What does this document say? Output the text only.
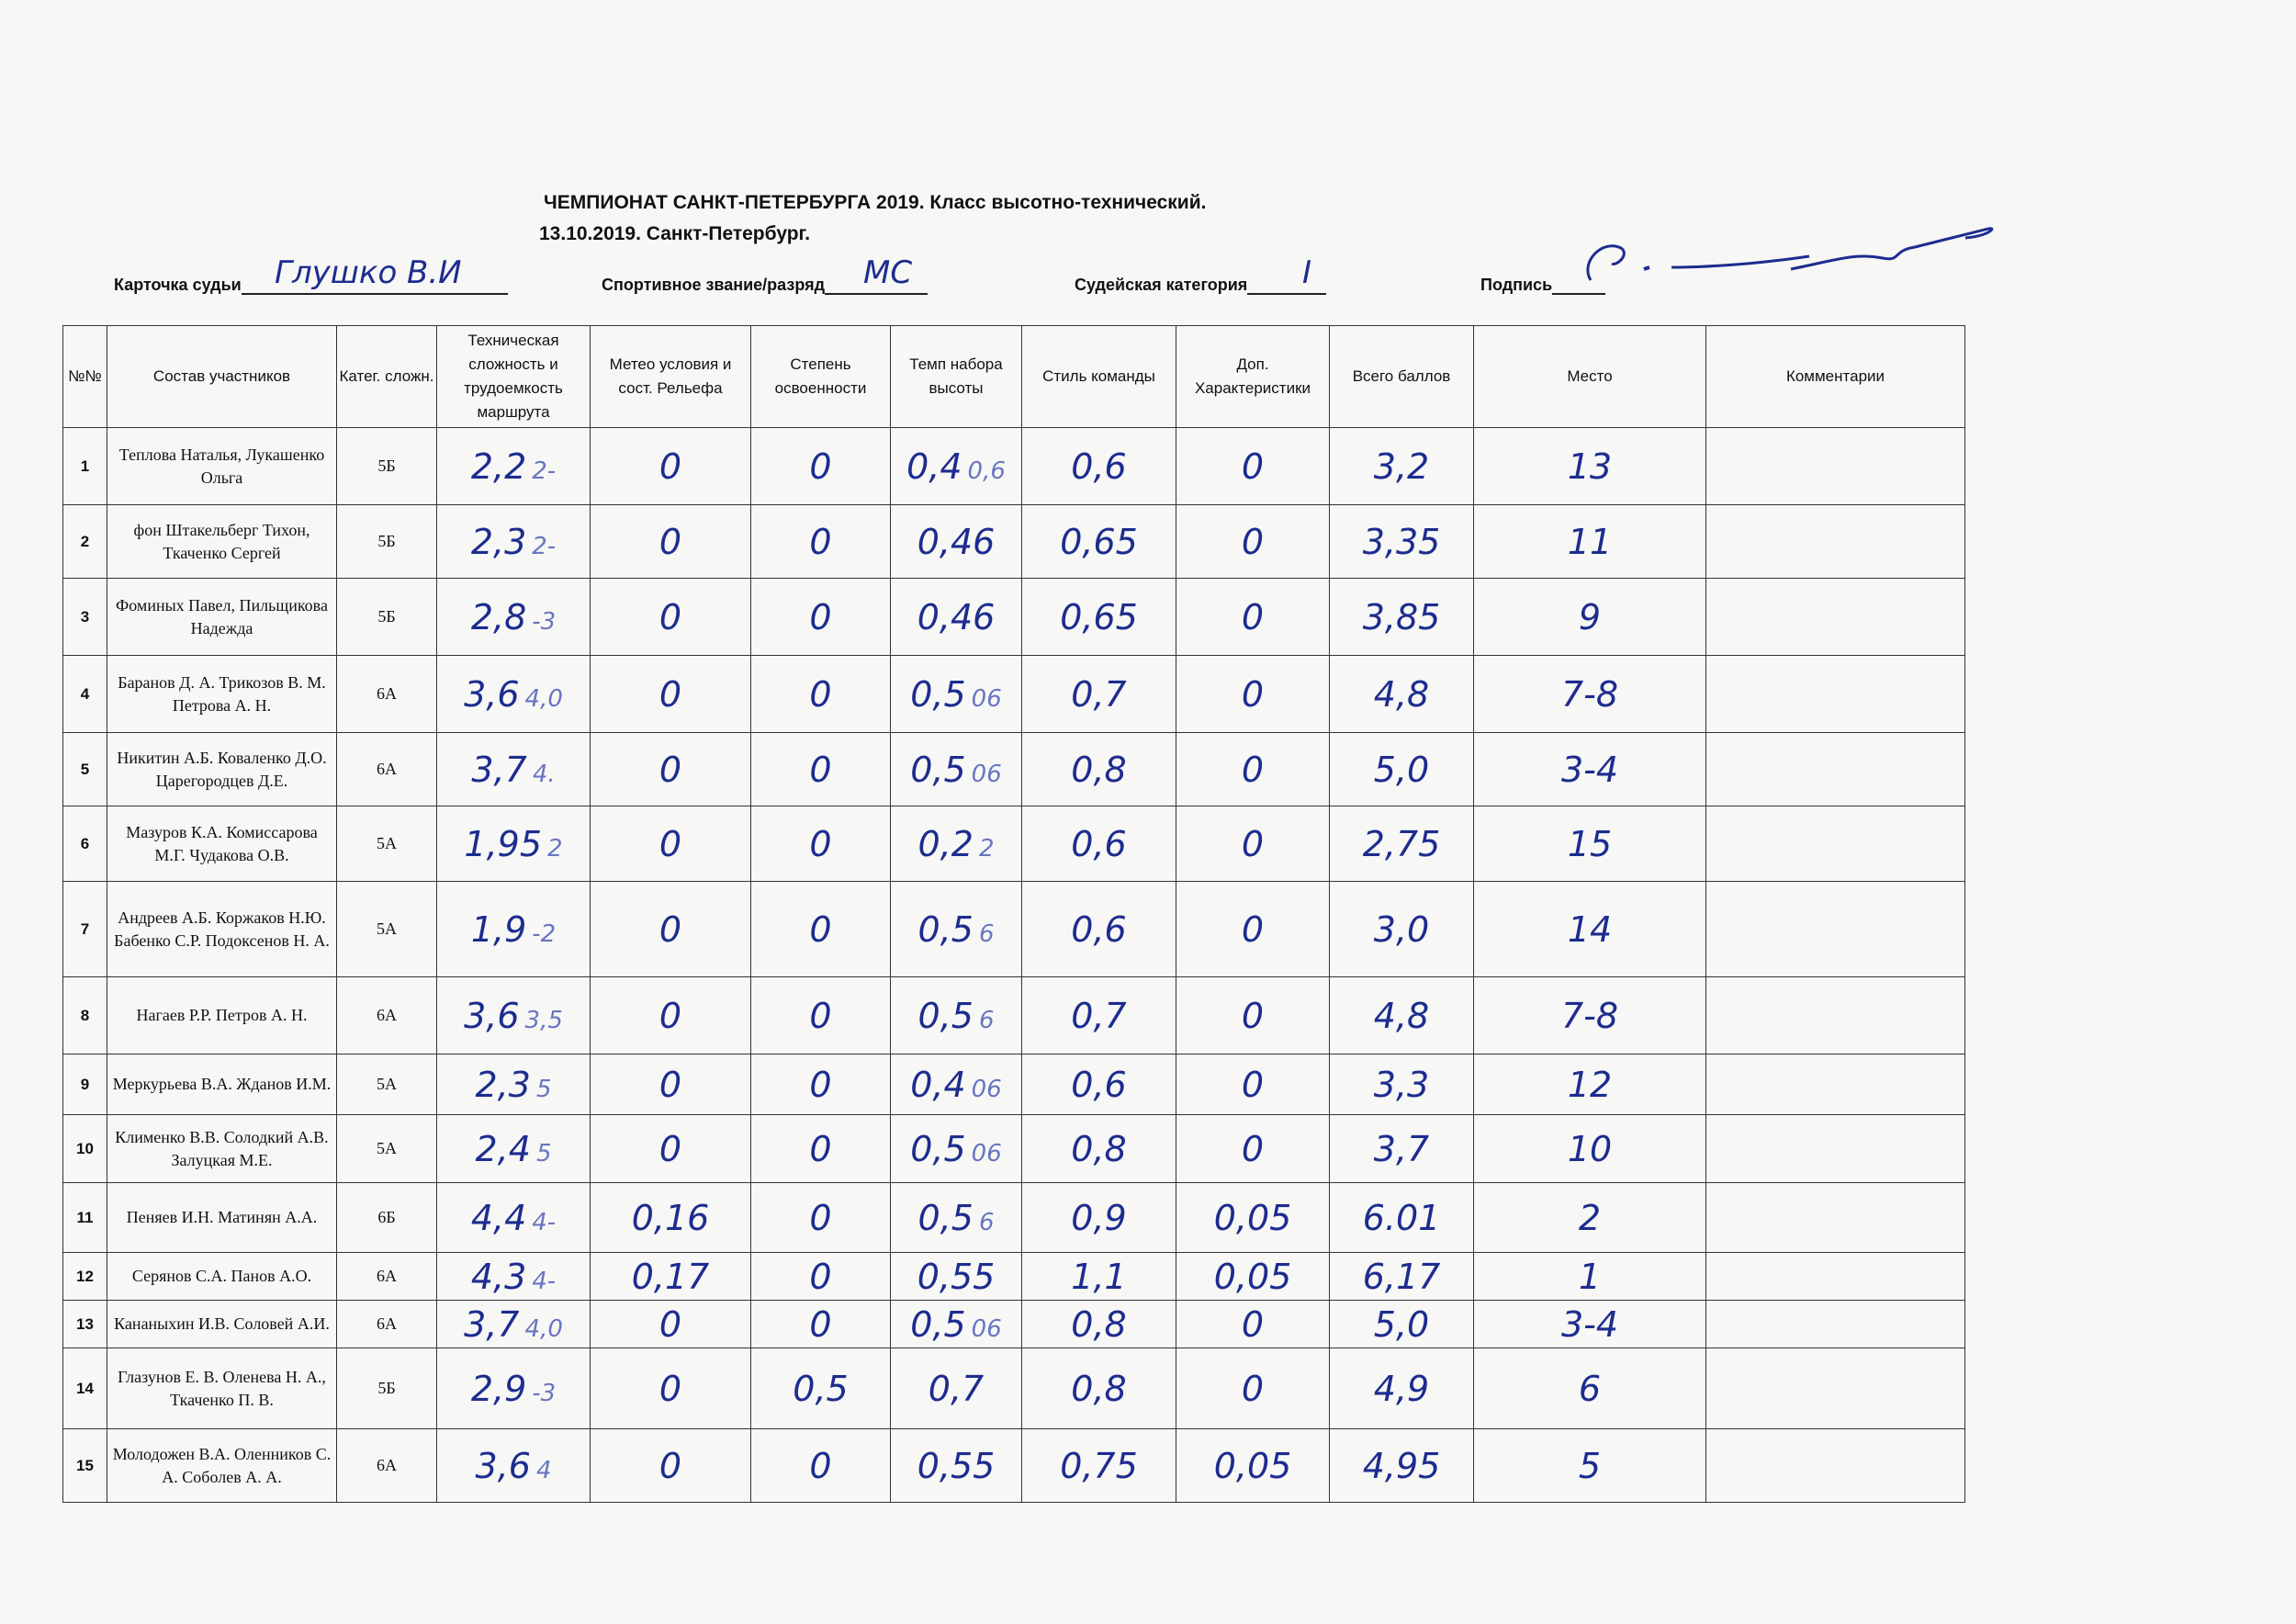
ЧЕМПИОНАТ САНКТ-ПЕТЕРБУРГА 2019. Класс высотно-технический.
13.10.2019. Санкт-Петербург.
Карточка судьи Глушко В.И	Спортивное звание/разряд МС	Судейская категория I	Подпись
№№	Состав участников	Катег. сложн.	Техническая сложность и трудоемкость маршрута	Метео условия и сост. Рельефа	Степень освоенности	Темп набора высоты	Стиль команды	Доп. Характеристики	Всего баллов	Место	Комментарии
1	Теплова Наталья, Лукашенко Ольга	5Б	2,2 2-	0	0	0,4 0,6	0,6	0	3,2	13	
2	фон Штакельберг Тихон, Ткаченко Сергей	5Б	2,3 2-	0	0	0,46	0,65	0	3,35	11	
3	Фоминых Павел, Пильщикова Надежда	5Б	2,8 -3	0	0	0,46	0,65	0	3,85	9	
4	Баранов Д. А. Трикозов В. М. Петрова А. Н.	6А	3,6 4,0	0	0	0,5 06	0,7	0	4,8	7-8	
5	Никитин А.Б. Коваленко Д.О. Царегородцев Д.Е.	6А	3,7 4.	0	0	0,5 06	0,8	0	5,0	3-4	
6	Мазуров К.А. Комиссарова М.Г. Чудакова О.В.	5А	1,95 2	0	0	0,2 2	0,6	0	2,75	15	
7	Андреев А.Б. Коржаков Н.Ю. Бабенко С.Р. Подоксенов Н. А.	5А	1,9 -2	0	0	0,5 6	0,6	0	3,0	14	
8	Нагаев Р.Р. Петров А. Н.	6А	3,6 3,5	0	0	0,5 6	0,7	0	4,8	7-8	
9	Меркурьева В.А. Жданов И.М.	5А	2,3 5	0	0	0,4 06	0,6	0	3,3	12	
10	Клименко В.В. Солодкий А.В. Залуцкая М.Е.	5А	2,4 5	0	0	0,5 06	0,8	0	3,7	10	
11	Пеняев И.Н. Матинян А.А.	6Б	4,4 4-	0,16	0	0,5 6	0,9	0,05	6.01	2	
12	Серянов С.А. Панов А.О.	6А	4,3 4-	0,17	0	0,55	1,1	0,05	6,17	1	
13	Кананыхин И.В. Соловей А.И.	6А	3,7 4,0	0	0	0,5 06	0,8	0	5,0	3-4	
14	Глазунов Е. В. Оленева Н. А., Ткаченко П. В.	5Б	2,9 -3	0	0,5	0,7	0,8	0	4,9	6	
15	Молодожен В.А. Оленников С. А. Соболев А. А.	6А	3,6 4	0	0	0,55	0,75	0,05	4,95	5	
